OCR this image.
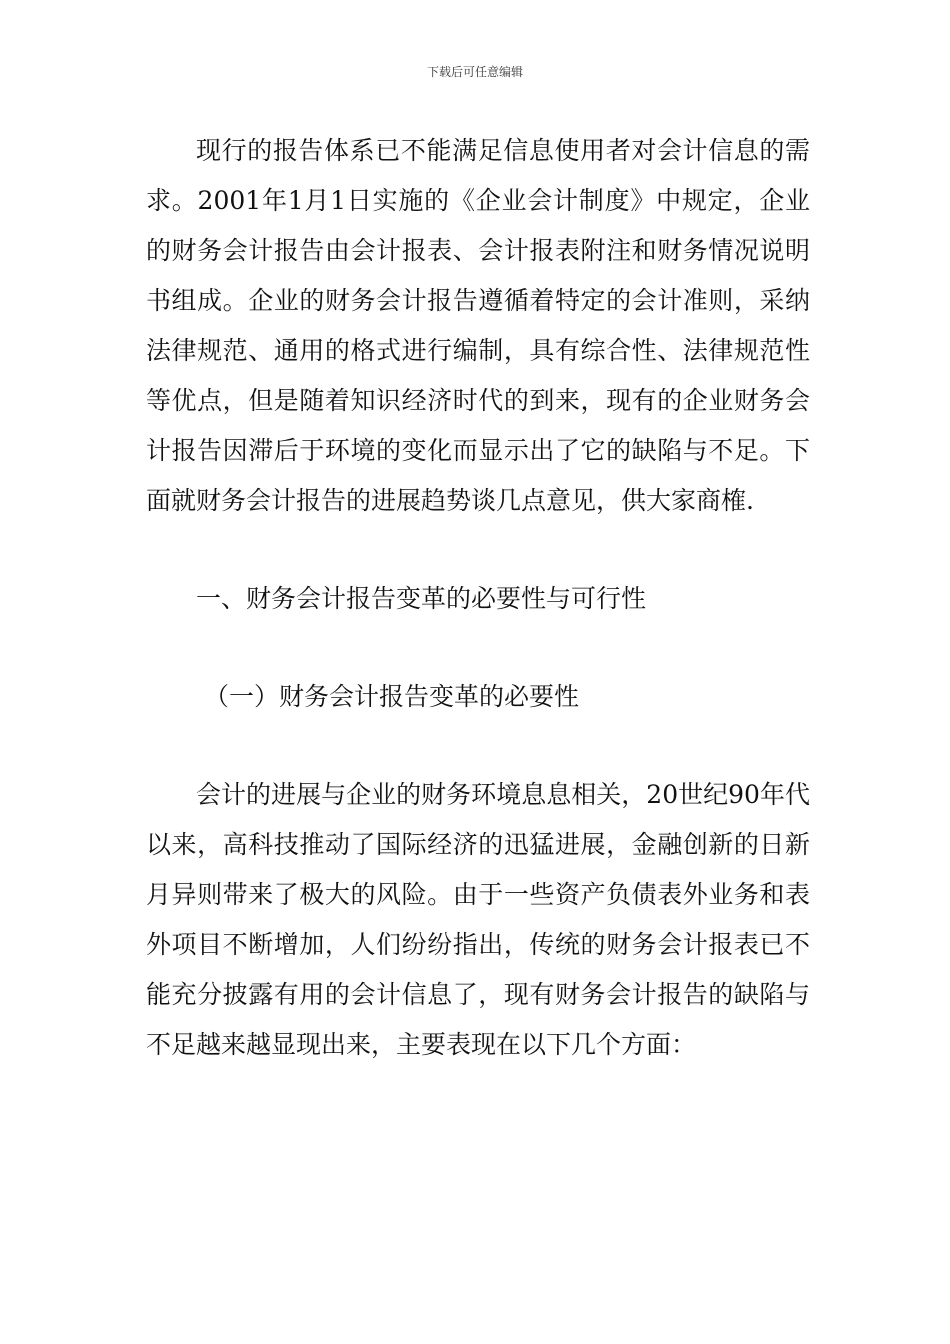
下载后可任意编辑

现行的报告体系已不能满足信息使用者对会计信息的需求。2001年1月1日实施的《企业会计制度》中规定，企业的财务会计报告由会计报表、会计报表附注和财务情况说明书组成。企业的财务会计报告遵循着特定的会计准则，采纳法律规范、通用的格式进行编制，具有综合性、法律规范性等优点，但是随着知识经济时代的到来，现有的企业财务会计报告因滞后于环境的变化而显示出了它的缺陷与不足。下面就财务会计报告的进展趋势谈几点意见，供大家商榷.

一、财务会计报告变革的必要性与可行性

（一）财务会计报告变革的必要性

会计的进展与企业的财务环境息息相关，20世纪90年代以来，高科技推动了国际经济的迅猛进展，金融创新的日新月异则带来了极大的风险。由于一些资产负债表外业务和表外项目不断增加，人们纷纷指出，传统的财务会计报表已不能充分披露有用的会计信息了，现有财务会计报告的缺陷与不足越来越显现出来，主要表现在以下几个方面：
